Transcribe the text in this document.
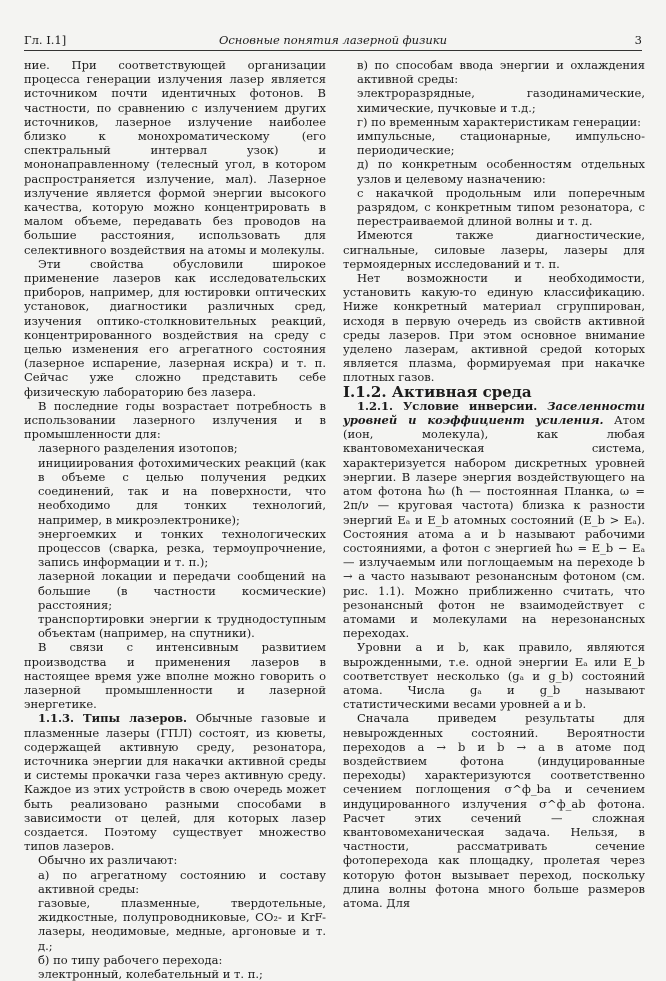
Гл. I.1]	Основные понятия лазерной физики	3

ние. При соответствующей организации процесса генерации излучения лазер является источником почти идентичных фотонов. В частности, по сравнению с излучением других источников, лазерное излучение наиболее близко к монохроматическому (его спектральный интервал узок) и мононаправленному (телесный угол, в котором распространяется излучение, мал). Лазерное излучение является формой энергии высокого качества, которую можно концентрировать в малом объеме, передавать без проводов на большие расстояния, использовать для селективного воздействия на атомы и молекулы.

Эти свойства обусловили широкое применение лазеров как исследовательских приборов, например, для юстировки оптических установок, диагностики различных сред, изучения оптико-столкновительных реакций, концентрированного воздействия на среду с целью изменения его агрегатного состояния (лазерное испарение, лазерная искра) и т. п. Сейчас уже сложно представить себе физическую лабораторию без лазера.

В последние годы возрастает потребность в использовании лазерного излучения и в промышленности для:

лазерного разделения изотопов;

инициирования фотохимических реакций (как в объеме с целью получения редких соединений, так и на поверхности, что необходимо для тонких технологий, например, в микроэлектронике);

энергоемких и тонких технологических процессов (сварка, резка, термоупрочнение, запись информации и т. п.);

лазерной локации и передачи сообщений на большие (в частности космические) расстояния;

транспортировки энергии к труднодоступным объектам (например, на спутники).

В связи с интенсивным развитием производства и применения лазеров в настоящее время уже вполне можно говорить о лазерной промышленности и лазерной энергетике.

1.1.3. Типы лазеров. Обычные газовые и плазменные лазеры (ГПЛ) состоят, из кюветы, содержащей активную среду, резонатора, источника энергии для накачки активной среды и системы прокачки газа через активную среду. Каждое из этих устройств в свою очередь может быть реализовано разными способами в зависимости от целей, для которых лазер создается. Поэтому существует множество типов лазеров.

Обычно их различают:

а) по агрегатному состоянию и составу активной среды:

газовые, плазменные, твердотельные, жидкостные, полупроводниковые, CO₂- и KrF-лазеры, неодимовые, медные, аргоновые и т. д.;

б) по типу рабочего перехода:

электронный, колебательный и т. п.;

в) по способам ввода энергии и охлаждения активной среды:

электроразрядные, газодинамические, химические, пучковые и т.д.;

г) по временным характеристикам генерации:

импульсные, стационарные, импульсно-периодические;

д) по конкретным особенностям отдельных узлов и целевому назначению:

с накачкой продольным или поперечным разрядом, с конкретным типом резонатора, с перестраиваемой длиной волны и т. д.

Имеются также диагностические, сигнальные, силовые лазеры, лазеры для термоядерных исследований и т. п.

Нет возможности и необходимости, установить какую-то единую классификацию. Ниже конкретный материал сгруппирован, исходя в первую очередь из свойств активной среды лазеров. При этом основное внимание уделено лазерам, активной средой которых является плазма, формируемая при накачке плотных газов.

I.1.2. Активная среда

1.2.1. Условие инверсии. Заселенности уровней и коэффициент усиления. Атом (ион, молекула), как любая квантовомеханическая система, характеризуется набором дискретных уровней энергии. В лазере энергия воздействующего на атом фотона ħω (ħ — постоянная Планка, ω = 2π/ν — круговая частота) близка к разности энергий Eₐ и E_b атомных состояний (E_b > Eₐ). Состояния атома a и b называют рабочими состояниями, а фотон с энергией ħω = E_b − Eₐ — излучаемым или поглощаемым на переходе b → a часто называют резонансным фотоном (см. рис. 1.1). Можно приближенно считать, что резонансный фотон не взаимодействует с атомами и молекулами на нерезонансных переходах.

Уровни a и b, как правило, являются вырожденными, т.е. одной энергии Eₐ или E_b соответствует несколько (gₐ и g_b) состояний атома. Числа gₐ и g_b называют статистическими весами уровней a и b.

Сначала приведем результаты для невырожденных состояний. Вероятности переходов a → b и b → a в атоме под воздействием фотона (индуцированные переходы) характеризуются соответственно сечением поглощения σ^ф_ba и сечением индуцированного излучения σ^ф_ab фотона. Расчет этих сечений — сложная квантовомеханическая задача. Нельзя, в частности, рассматривать сечение фотоперехода как площадку, пролетая через которую фотон вызывает переход, поскольку длина волны фотона много больше размеров атома. Для
